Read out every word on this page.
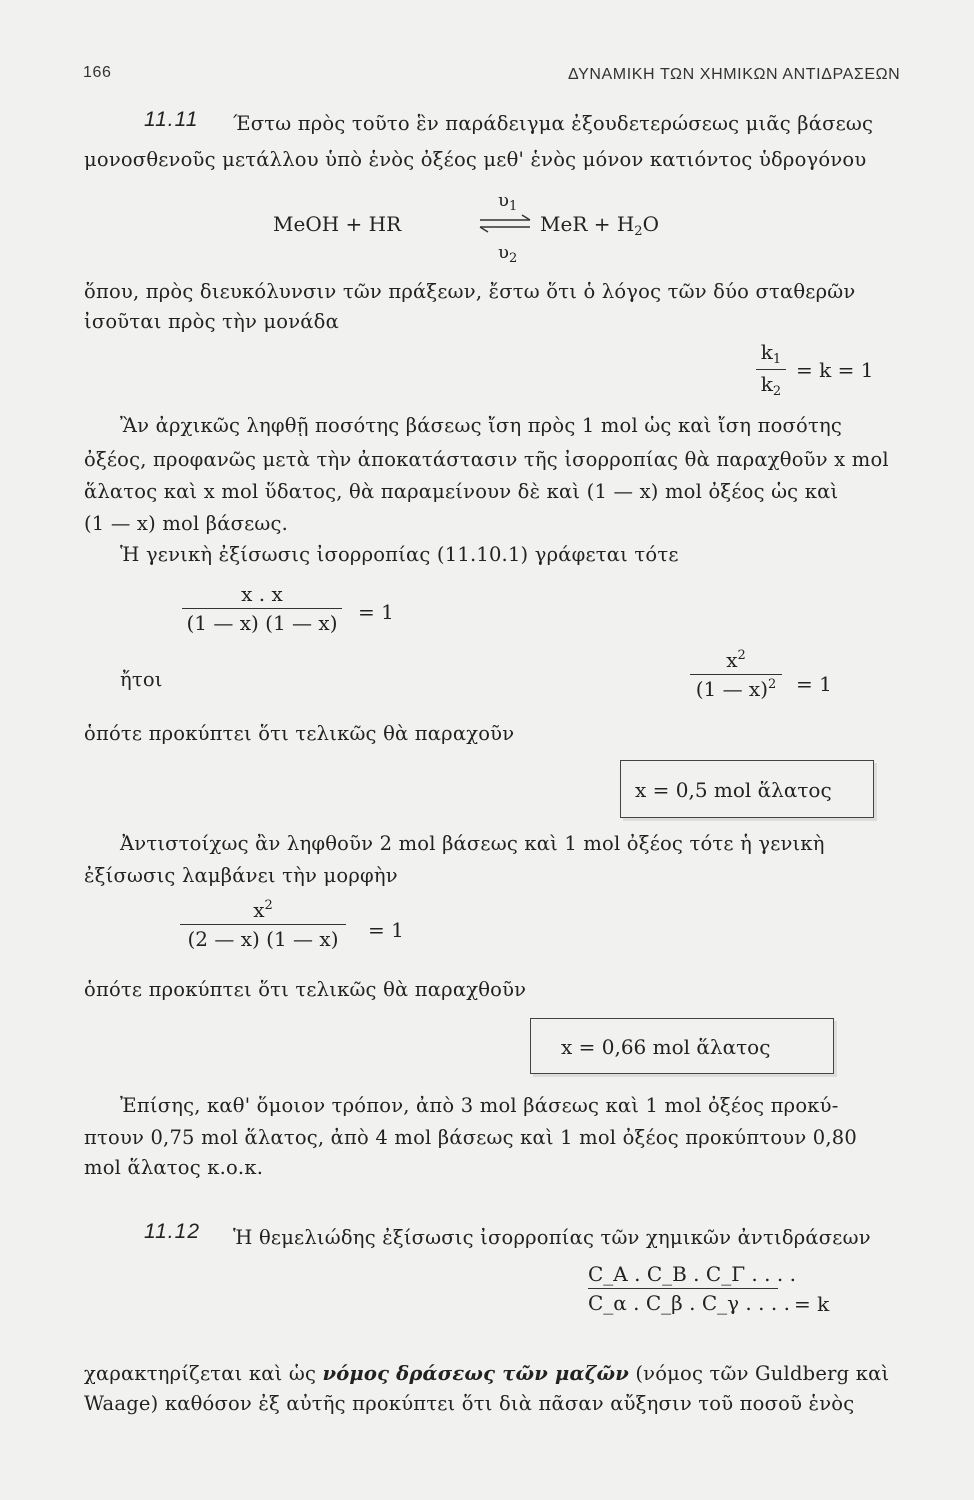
166	ΔΥΝΑΜΙΚΗ ΤΩΝ ΧΗΜΙΚΩΝ ΑΝΤΙΔΡΑΣΕΩΝ
11.11 Έστω πρὸς τοῦτο ἓν παράδειγμα ἐξουδετερώσεως μιᾶς βάσεως
μονοσθενοῦς μετάλλου ὑπὸ ἑνὸς ὀξέος μεθ' ἑνὸς μόνον κατιόντος ὑδρογόνου
MeOH + HR
$\upsilon_1$
$\upsilon_2$
MeR + $H_2O$
ὅπου, πρὸς διευκόλυνσιν τῶν πράξεων, ἔστω ὅτι ὁ λόγος τῶν δύο σταθερῶν
ἰσοῦται πρὸς τὴν μονάδα
$k_1$
$k_2$
= k = 1
Ἂν ἀρχικῶς ληφθῇ ποσότης βάσεως ἴση πρὸς 1 mol ὡς καὶ ἴση ποσότης
ὀξέος, προφανῶς μετὰ τὴν ἀποκατάστασιν τῆς ἰσορροπίας θὰ παραχθοῦν x mol
ἅλατος καὶ x mol ὕδατος, θὰ παραμείνουν δὲ καὶ (1 — x) mol ὀξέος ὡς καὶ
(1 — x) mol βάσεως.
Ἡ γενικὴ ἐξίσωσις ἰσορροπίας (11.10.1) γράφεται τότε
x . x
(1 — x) (1 — x) = 1
ἤτοι
$x^2$
(1 — x)$^2$ = 1
ὁπότε προκύπτει ὅτι τελικῶς θὰ παραχοῦν
x = 0,5 mol ἅλατος
Ἀντιστοίχως ἂν ληφθοῦν 2 mol βάσεως καὶ 1 mol ὀξέος τότε ἡ γενικὴ
ἐξίσωσις λαμβάνει τὴν μορφὴν
$x^2$
(2 — x) (1 — x)	= 1
ὁπότε προκύπτει ὅτι τελικῶς θὰ παραχθοῦν
x = 0,66 mol ἅλατος
Ἐπίσης, καθ' ὅμοιον τρόπον, ἀπὸ 3 mol βάσεως καὶ 1 mol ὀξέος προκύ-
πτουν 0,75 mol ἅλατος, ἀπὸ 4 mol βάσεως καὶ 1 mol ὀξέος προκύπτουν 0,80
mol ἅλατος κ.ο.κ.
11.12 Ἡ θεμελιώδης ἐξίσωσις ἰσορροπίας τῶν χημικῶν ἀντιδράσεων
C_A . C_B . C_Γ . . . .
C_α . C_β . C_γ . . . . = k
χαρακτηρίζεται καὶ ὡς νόμος δράσεως τῶν μαζῶν (νόμος τῶν Guldberg καὶ
Waage) καθόσον ἐξ αὐτῆς προκύπτει ὅτι διὰ πᾶσαν αὔξησιν τοῦ ποσοῦ ἑνὸς
